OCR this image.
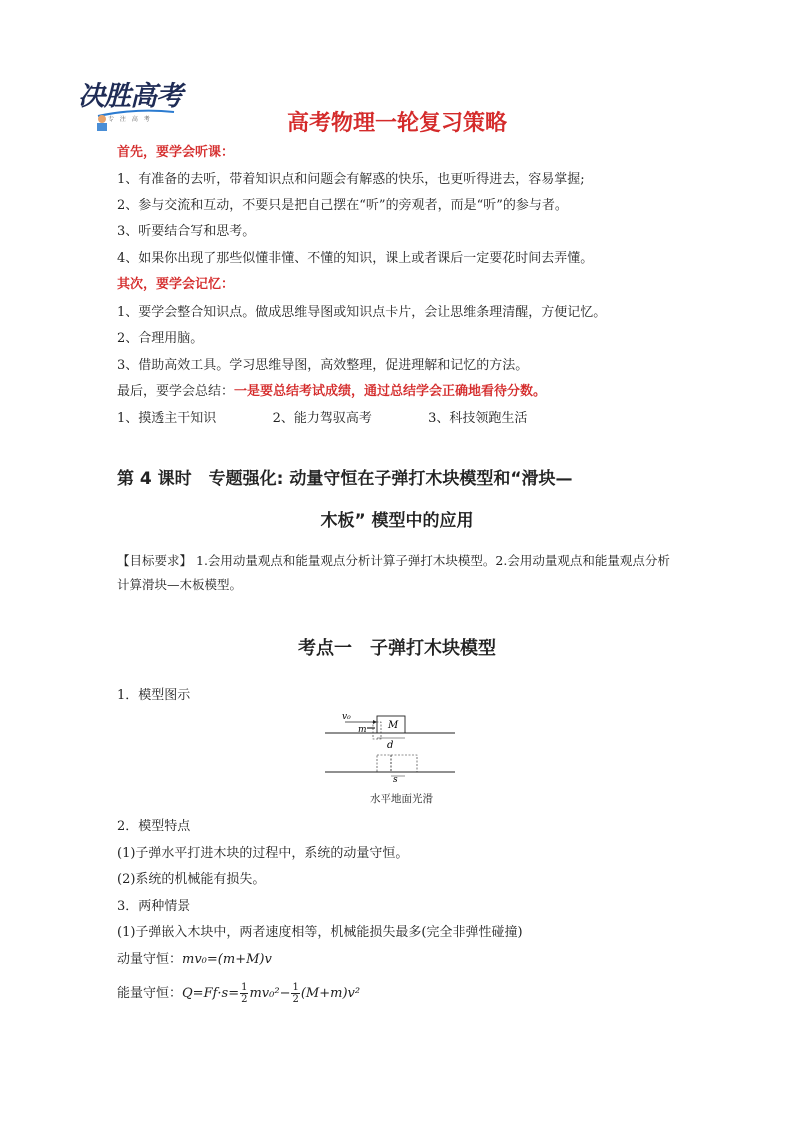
决胜高考
专 注 高 考	高考物理一轮复习策略

首先，要学会听课：

1、有准备的去听，带着知识点和问题会有解惑的快乐，也更听得进去，容易掌握;

2、参与交流和互动，不要只是把自己摆在“听”的旁观者，而是“听”的参与者。

3、听要结合写和思考。

4、如果你出现了那些似懂非懂、不懂的知识，课上或者课后一定要花时间去弄懂。

其次，要学会记忆：

1、要学会整合知识点。做成思维导图或知识点卡片，会让思维条理清醒，方便记忆。

2、合理用脑。

3、借助高效工具。学习思维导图，高效整理，促进理解和记忆的方法。

最后，要学会总结：一是要总结考试成绩，通过总结学会正确地看待分数。

1、摸透主干知识	2、能力驾驭高考	3、科技领跑生活

第 4 课时　专题强化: 动量守恒在子弹打木块模型和“滑块—

木板” 模型中的应用

【目标要求】 1.会用动量观点和能量观点分析计算子弹打木块模型。2.会用动量观点和能量观点分析计算滑块—木板模型。

考点一　子弹打木块模型

1．模型图示

v₀
m M
d
s
水平地面光滑

2．模型特点

(1)子弹水平打进木块的过程中，系统的动量守恒。

(2)系统的机械能有损失。

3．两种情景

(1)子弹嵌入木块中，两者速度相等，机械能损失最多(完全非弹性碰撞)

动量守恒：mv₀=(m+M)v

能量守恒：$Q=Ff\cdot s= \frac{1}{2} mv_0^2- \frac{1}{2} (M+m)v^2$
